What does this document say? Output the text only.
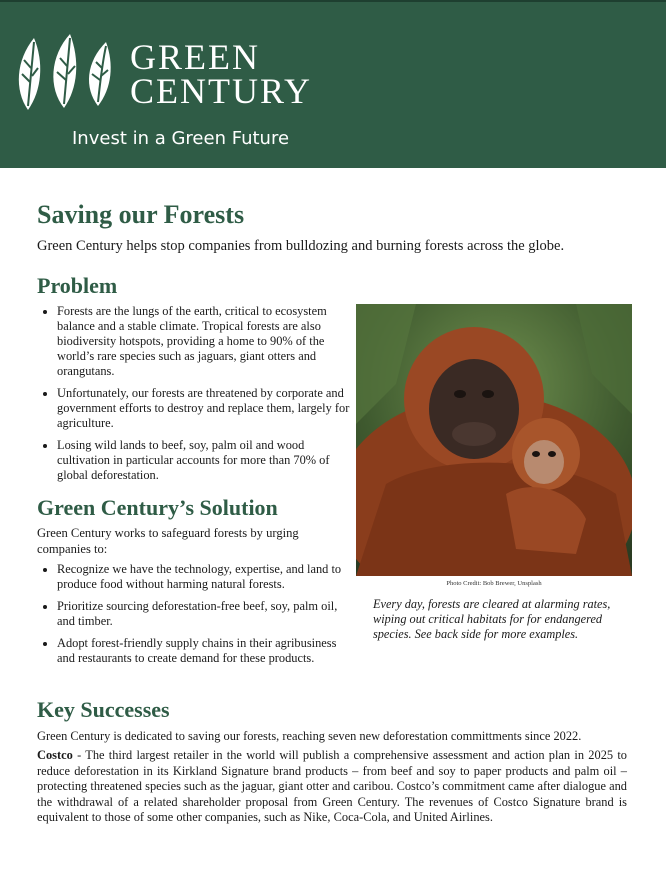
GREEN
CENTURY
Invest in a Green Future
Saving our Forests

Green Century helps stop companies from bulldozing and burning forests across the globe.

Problem
• Forests are the lungs of the earth, critical to ecosystem balance and a stable climate. Tropical forests are also biodiversity hotspots, providing a home to 90% of the world’s rare species such as jaguars, giant otters and orangutans.
• Unfortunately, our forests are threatened by corporate and government efforts to destroy and replace them, largely for agriculture.
• Losing wild lands to beef, soy, palm oil and wood cultivation in particular accounts for more than 70% of global deforestation.
Green Century’s Solution

Green Century works to safeguard forests by urging companies to:

• Recognize we have the technology, expertise, and land to produce food without harming natural forests.
• Prioritize sourcing deforestation-free beef, soy, palm oil, and timber.
• Adopt forest-friendly supply chains in their agribusiness and restaurants to create demand for these products.
Photo Credit: Bob Brewer, Unsplash

Every day, forests are cleared at alarming rates, wiping out critical habitats for for endangered species. See back side for more examples.

Key Successes

Green Century is dedicated to saving our forests, reaching seven new deforestation committments since 2022.

Costco - The third largest retailer in the world will publish a comprehensive assessment and action plan in 2025 to reduce deforestation in its Kirkland Signature brand products – from beef and soy to paper products and palm oil – protecting threatened species such as the jaguar, giant otter and caribou. Costco’s commitment came after dialogue and the withdrawal of a related shareholder proposal from Green Century. The revenues of Costco Signature brand is equivalent to those of some other companies, such as Nike, Coca-Cola, and United Airlines.
